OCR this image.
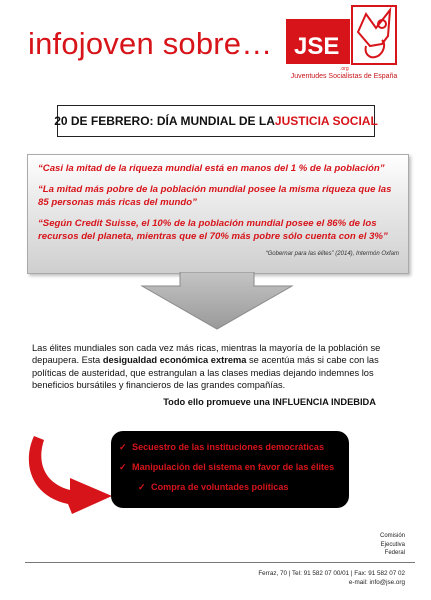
infojoven sobre… JSE
.org
Juventudes Socialistas de España
20 DE FEBRERO: DÍA MUNDIAL DE LA JUSTICIA SOCIAL
“Casi la mitad de la riqueza mundial está en manos del 1 % de la población”
“La mitad más pobre de la población mundial posee la misma riqueza que las 85 personas más ricas del mundo”
“Según Credit Suisse, el 10% de la población mundial posee el 86% de los recursos del planeta, mientras que el 70% más pobre sólo cuenta con el 3%”
“Gobernar para las élites” (2014), Intermón Oxfam
Las élites mundiales son cada vez más ricas, mientras la mayoría de la población se depaupera. Esta desigualdad económica extrema se acentúa más si cabe con las políticas de austeridad, que estrangulan a las clases medias dejando indemnes los beneficios bursátiles y financieros de las grandes compañías.
Todo ello promueve una INFLUENCIA INDEBIDA
✓ Secuestro de las instituciones democráticas
✓ Manipulación del sistema en favor de las élites
✓ Compra de voluntades políticas
Comisión
Ejecutiva
Federal
Ferraz, 70 | Tel: 91 582 07 00/01 | Fax: 91 582 07 02
e-mail: info@jse.org
